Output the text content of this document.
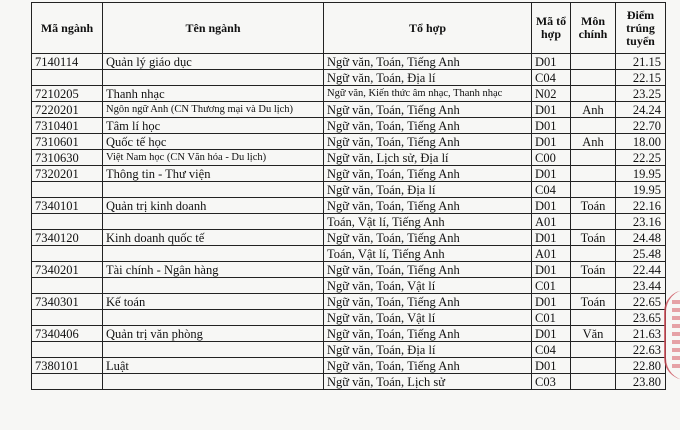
Mã ngành	Tên ngành	Tổ hợp	Mã tổ hợp	Môn chính	Điểm trúng tuyển
7140114	Quản lý giáo dục	Ngữ văn, Toán, Tiếng Anh	D01		21.15
		Ngữ văn, Toán, Địa lí	C04		22.15
7210205	Thanh nhạc	Ngữ văn, Kiến thức âm nhạc, Thanh nhạc	N02		23.25
7220201	Ngôn ngữ Anh (CN Thương mại và Du lịch)	Ngữ văn, Toán, Tiếng Anh	D01	Anh	24.24
7310401	Tâm lí học	Ngữ văn, Toán, Tiếng Anh	D01		22.70
7310601	Quốc tế học	Ngữ văn, Toán, Tiếng Anh	D01	Anh	18.00
7310630	Việt Nam học (CN Văn hóa - Du lịch)	Ngữ văn, Lịch sử, Địa lí	C00		22.25
7320201	Thông tin - Thư viện	Ngữ văn, Toán, Tiếng Anh	D01		19.95
		Ngữ văn, Toán, Địa lí	C04		19.95
7340101	Quản trị kinh doanh	Ngữ văn, Toán, Tiếng Anh	D01	Toán	22.16
		Toán, Vật lí, Tiếng Anh	A01		23.16
7340120	Kinh doanh quốc tế	Ngữ văn, Toán, Tiếng Anh	D01	Toán	24.48
		Toán, Vật lí, Tiếng Anh	A01		25.48
7340201	Tài chính - Ngân hàng	Ngữ văn, Toán, Tiếng Anh	D01	Toán	22.44
		Ngữ văn, Toán, Vật lí	C01		23.44
7340301	Kế toán	Ngữ văn, Toán, Tiếng Anh	D01	Toán	22.65
		Ngữ văn, Toán, Vật lí	C01		23.65
7340406	Quản trị văn phòng	Ngữ văn, Toán, Tiếng Anh	D01	Văn	21.63
		Ngữ văn, Toán, Địa lí	C04		22.63
7380101	Luật	Ngữ văn, Toán, Tiếng Anh	D01		22.80
		Ngữ văn, Toán, Lịch sử	C03		23.80
